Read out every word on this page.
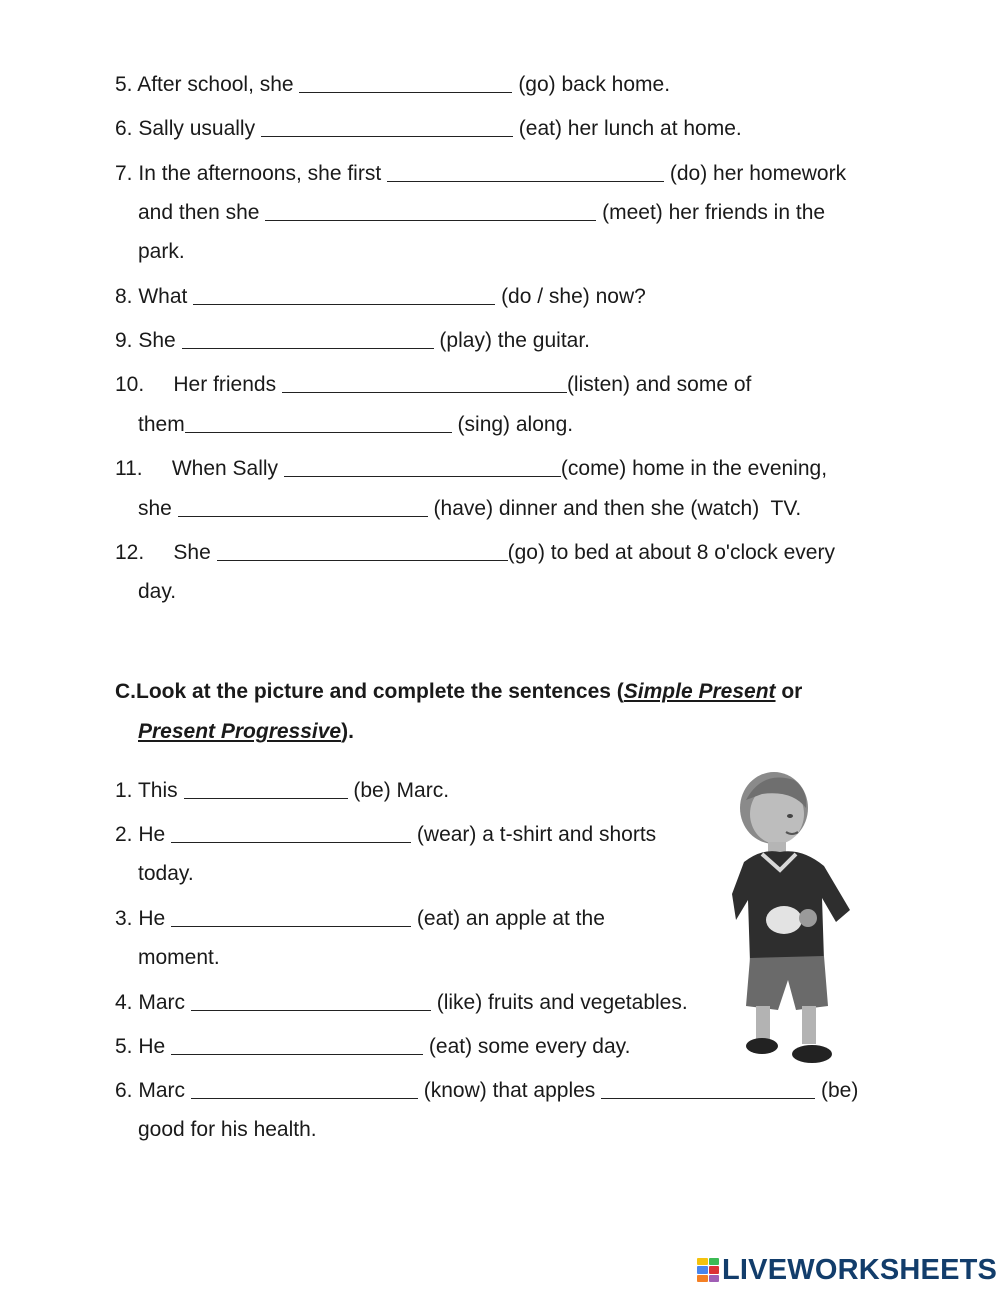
5. After school, she	(go) back home.
6. Sally usually	(eat) her lunch at home.
7. In the afternoons, she first	(do) her homework
and then she	(meet) her friends in the
park.
8. What	(do / she) now?
9. She	(play) the guitar.
10. Her friends	(listen) and some of
them	(sing) along.
11. When Sally	(come) home in the evening,
she	(have) dinner and then she (watch)  TV.
12. She	(go) to bed at about 8 o'clock every
day.
C.Look at the picture and complete the sentences (Simple Present or
Present Progressive).
1. This	(be) Marc.
2. He	(wear) a t-shirt and shorts
today.
3. He	(eat) an apple at the
moment.
4. Marc	(like) fruits and vegetables.
5. He	(eat) some every day.
6. Marc	(know) that apples	(be)
good for his health.
LIVEWORKSHEETS
